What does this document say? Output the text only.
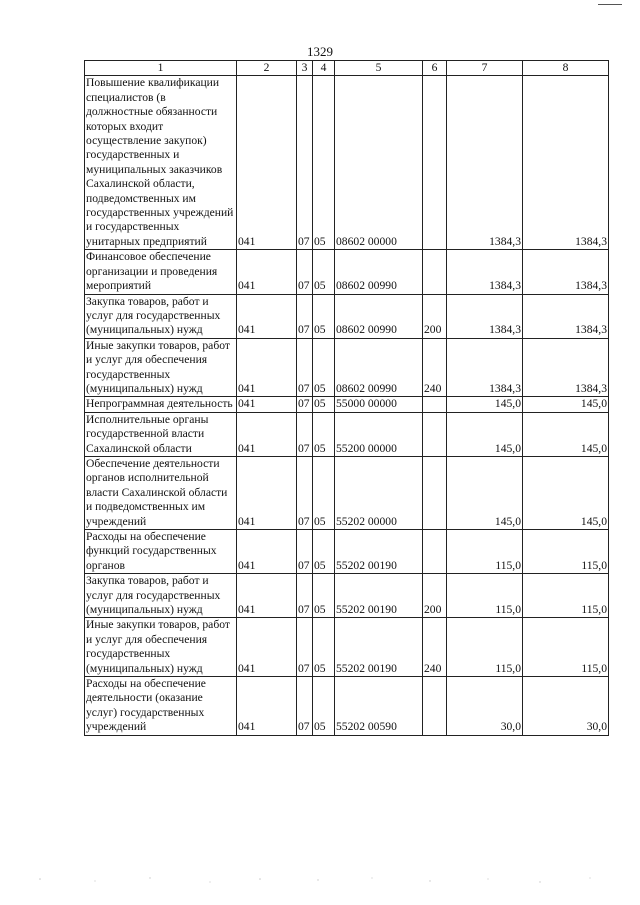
1329
1	2	3	4	5	6	7	8
Повышение квалификации специалистов (в должностные обязанности которых входит осуществление закупок) государственных и муниципальных заказчиков Сахалинской области, подведомственных им государственных учреждений и государственных унитарных предприятий	041	07	05	08602 00000		1384,3	1384,3
Финансовое обеспечение организации и проведения мероприятий	041	07	05	08602 00990		1384,3	1384,3
Закупка товаров, работ и услуг для государственных (муниципальных) нужд	041	07	05	08602 00990	200	1384,3	1384,3
Иные закупки товаров, работ и услуг для обеспечения государственных (муниципальных) нужд	041	07	05	08602 00990	240	1384,3	1384,3
Непрограммная деятельность	041	07	05	55000 00000		145,0	145,0
Исполнительные органы государственной власти Сахалинской области	041	07	05	55200 00000		145,0	145,0
Обеспечение деятельности органов исполнительной власти Сахалинской области и подведомственных им учреждений	041	07	05	55202 00000		145,0	145,0
Расходы на обеспечение функций государственных органов	041	07	05	55202 00190		115,0	115,0
Закупка товаров, работ и услуг для государственных (муниципальных) нужд	041	07	05	55202 00190	200	115,0	115,0
Иные закупки товаров, работ и услуг для обеспечения государственных (муниципальных) нужд	041	07	05	55202 00190	240	115,0	115,0
Расходы на обеспечение деятельности (оказание услуг) государственных учреждений	041	07	05	55202 00590		30,0	30,0
